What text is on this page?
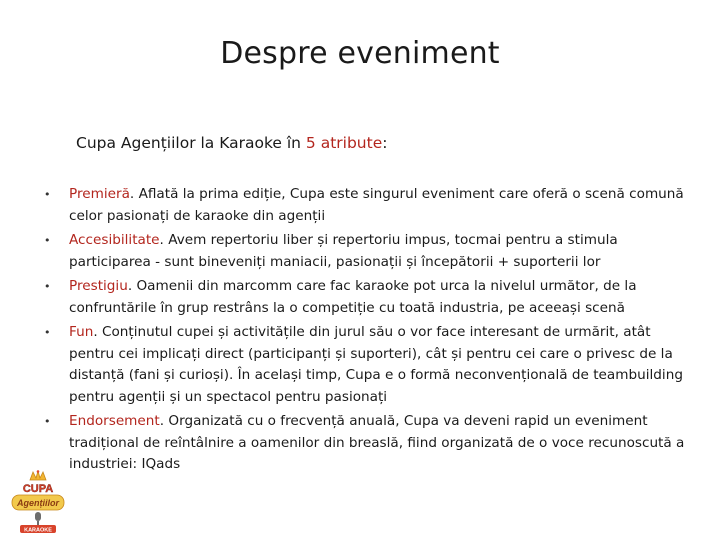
Despre eveniment
Cupa Agențiilor la Karaoke în 5 atribute:
• Premieră. Aflată la prima ediție, Cupa este singurul eveniment care oferă o scenă comună celor pasionați de karaoke din agenții
• Accesibilitate. Avem repertoriu liber și repertoriu impus, tocmai pentru a stimula participarea - sunt bineveniți maniacii, pasionații și începătorii + suporterii lor
• Prestigiu. Oamenii din marcomm care fac karaoke pot urca la nivelul următor, de la confruntările în grup restrâns la o competiție cu toată industria, pe aceeași scenă
• Fun. Conținutul cupei și activitățile din jurul său o vor face interesant de urmărit, atât pentru cei implicați direct (participanți și suporteri), cât și pentru cei care o privesc de la distanță (fani și curioși). În același timp, Cupa e o formă neconvențională de teambuilding pentru agenții și un spectacol pentru pasionați
• Endorsement. Organizată cu o frecvență anuală, Cupa va deveni rapid un eveniment tradițional de reîntâlnire a oamenilor din breaslă, fiind organizată de o voce recunoscută a industriei: IQads
CUPA
Agențiilor
KARAOKE
